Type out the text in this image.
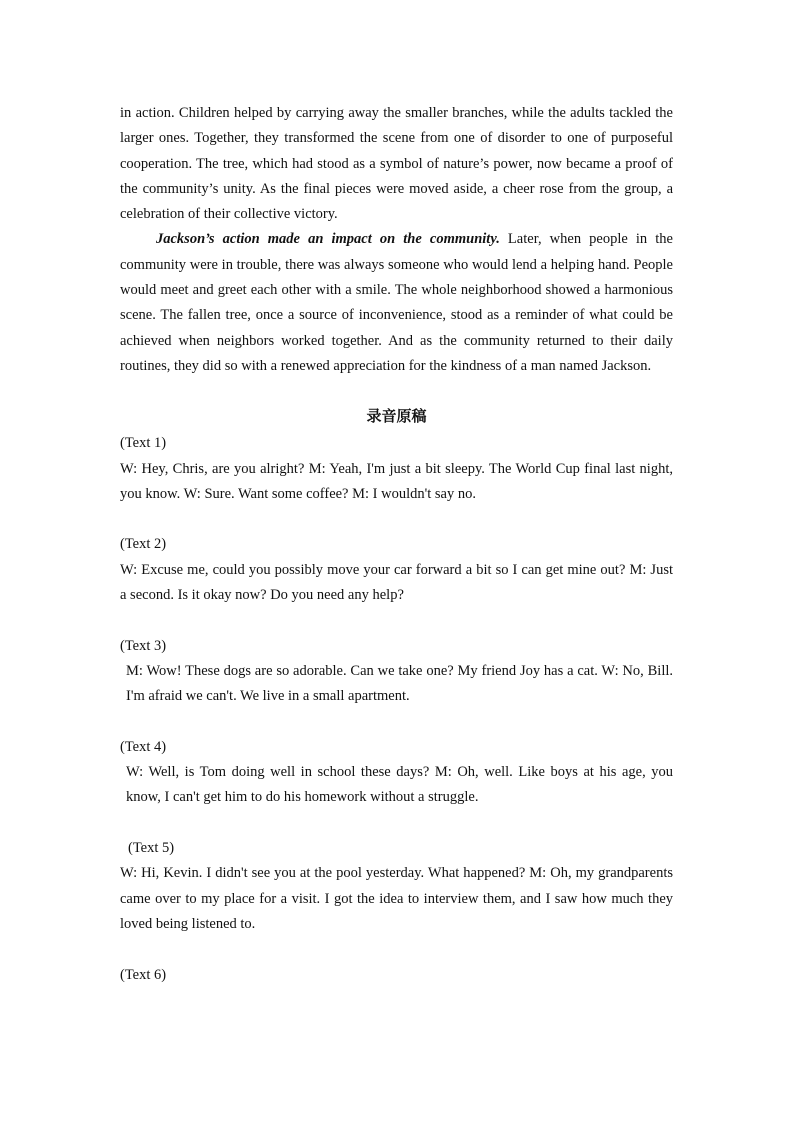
in action. Children helped by carrying away the smaller branches, while the adults tackled the larger ones. Together, they transformed the scene from one of disorder to one of purposeful cooperation. The tree, which had stood as a symbol of nature’s power, now became a proof of the community’s unity. As the final pieces were moved aside, a cheer rose from the group, a celebration of their collective victory.

Jackson’s action made an impact on the community. Later, when people in the community were in trouble, there was always someone who would lend a helping hand. People would meet and greet each other with a smile. The whole neighborhood showed a harmonious scene. The fallen tree, once a source of inconvenience, stood as a reminder of what could be achieved when neighbors worked together. And as the community returned to their daily routines, they did so with a renewed appreciation for the kindness of a man named Jackson.

录音原稿

(Text 1)

W: Hey, Chris, are you alright? M: Yeah, I'm just a bit sleepy. The World Cup final last night, you know. W: Sure. Want some coffee? M: I wouldn't say no.

(Text 2)

W: Excuse me, could you possibly move your car forward a bit so I can get mine out? M: Just a second. Is it okay now? Do you need any help?

(Text 3)

M: Wow! These dogs are so adorable. Can we take one? My friend Joy has a cat. W: No, Bill. I'm afraid we can't. We live in a small apartment.

(Text 4)

W: Well, is Tom doing well in school these days? M: Oh, well. Like boys at his age, you know, I can't get him to do his homework without a struggle.

(Text 5)

W: Hi, Kevin. I didn't see you at the pool yesterday. What happened? M: Oh, my grandparents came over to my place for a visit. I got the idea to interview them, and I saw how much they loved being listened to.

(Text 6)
